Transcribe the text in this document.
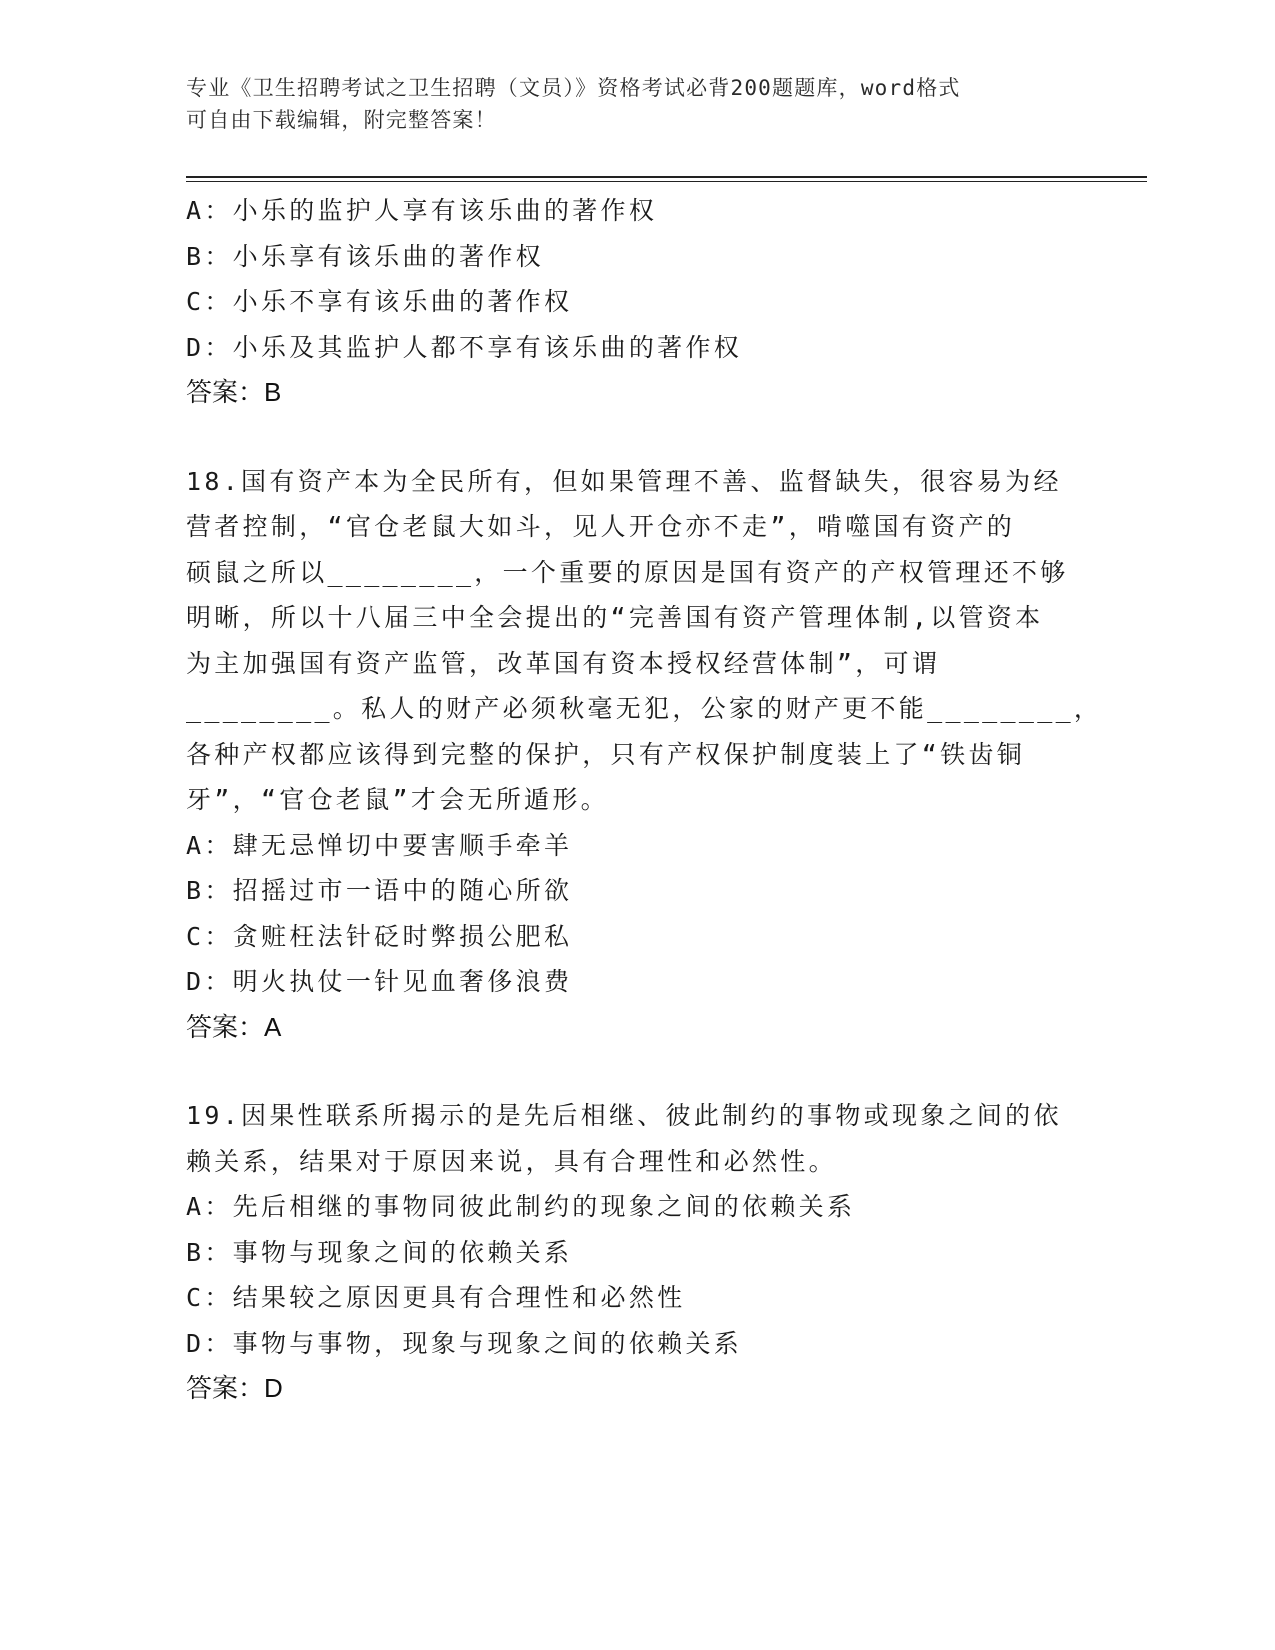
专业《卫生招聘考试之卫生招聘（文员）》资格考试必背200题题库，word格式
可自由下载编辑，附完整答案！
A：小乐的监护人享有该乐曲的著作权
B：小乐享有该乐曲的著作权
C：小乐不享有该乐曲的著作权
D：小乐及其监护人都不享有该乐曲的著作权
答案：B
18.国有资产本为全民所有，但如果管理不善、监督缺失，很容易为经
营者控制，“官仓老鼠大如斗，见人开仓亦不走”，啃噬国有资产的
硕鼠之所以________，一个重要的原因是国有资产的产权管理还不够
明晰，所以十八届三中全会提出的“完善国有资产管理体制,以管资本
为主加强国有资产监管，改革国有资本授权经营体制”，可谓
________。私人的财产必须秋毫无犯，公家的财产更不能________，
各种产权都应该得到完整的保护，只有产权保护制度装上了“铁齿铜
牙”，“官仓老鼠”才会无所遁形。
A：肆无忌惮切中要害顺手牵羊
B：招摇过市一语中的随心所欲
C：贪赃枉法针砭时弊损公肥私
D：明火执仗一针见血奢侈浪费
答案：A
19.因果性联系所揭示的是先后相继、彼此制约的事物或现象之间的依
赖关系，结果对于原因来说，具有合理性和必然性。
A：先后相继的事物同彼此制约的现象之间的依赖关系
B：事物与现象之间的依赖关系
C：结果较之原因更具有合理性和必然性
D：事物与事物，现象与现象之间的依赖关系
答案：D
